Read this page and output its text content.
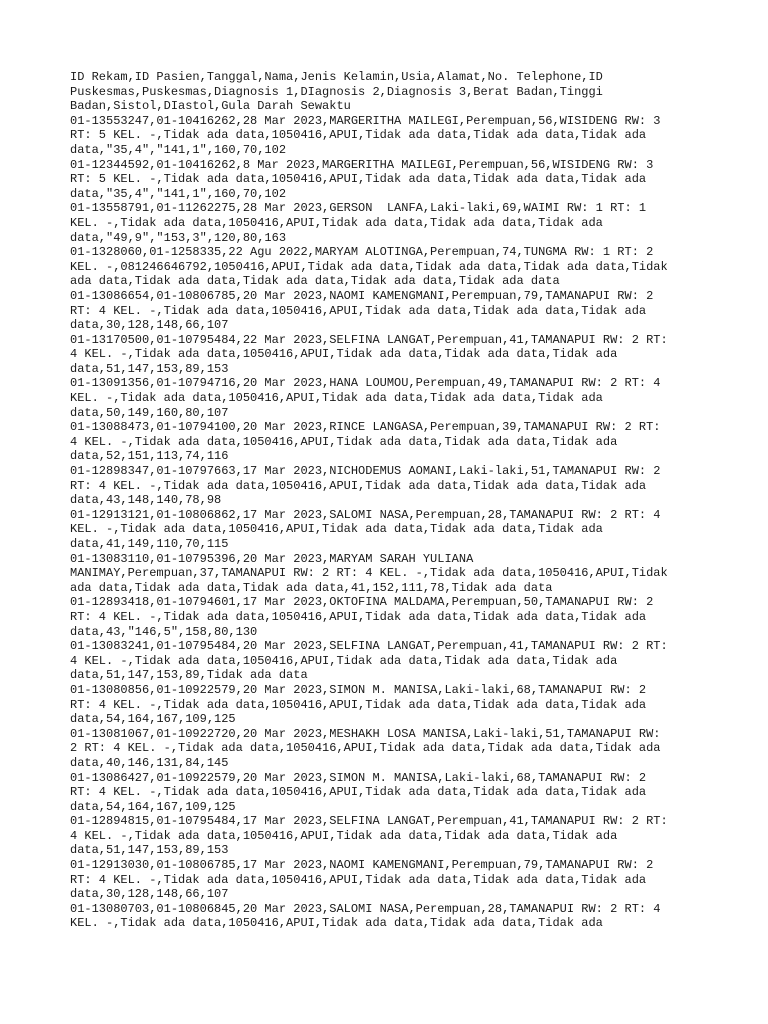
ID Rekam,ID Pasien,Tanggal,Nama,Jenis Kelamin,Usia,Alamat,No. Telephone,ID
Puskesmas,Puskesmas,Diagnosis 1,DIagnosis 2,Diagnosis 3,Berat Badan,Tinggi
Badan,Sistol,DIastol,Gula Darah Sewaktu
01-13553247,01-10416262,28 Mar 2023,MARGERITHA MAILEGI,Perempuan,56,WISIDENG RW: 3
RT: 5 KEL. -,Tidak ada data,1050416,APUI,Tidak ada data,Tidak ada data,Tidak ada
data,"35,4","141,1",160,70,102
01-12344592,01-10416262,8 Mar 2023,MARGERITHA MAILEGI,Perempuan,56,WISIDENG RW: 3
RT: 5 KEL. -,Tidak ada data,1050416,APUI,Tidak ada data,Tidak ada data,Tidak ada
data,"35,4","141,1",160,70,102
01-13558791,01-11262275,28 Mar 2023,GERSON  LANFA,Laki-laki,69,WAIMI RW: 1 RT: 1
KEL. -,Tidak ada data,1050416,APUI,Tidak ada data,Tidak ada data,Tidak ada
data,"49,9","153,3",120,80,163
01-1328060,01-1258335,22 Agu 2022,MARYAM ALOTINGA,Perempuan,74,TUNGMA RW: 1 RT: 2
KEL. -,081246646792,1050416,APUI,Tidak ada data,Tidak ada data,Tidak ada data,Tidak
ada data,Tidak ada data,Tidak ada data,Tidak ada data,Tidak ada data
01-13086654,01-10806785,20 Mar 2023,NAOMI KAMENGMANI,Perempuan,79,TAMANAPUI RW: 2
RT: 4 KEL. -,Tidak ada data,1050416,APUI,Tidak ada data,Tidak ada data,Tidak ada
data,30,128,148,66,107
01-13170500,01-10795484,22 Mar 2023,SELFINA LANGAT,Perempuan,41,TAMANAPUI RW: 2 RT:
4 KEL. -,Tidak ada data,1050416,APUI,Tidak ada data,Tidak ada data,Tidak ada
data,51,147,153,89,153
01-13091356,01-10794716,20 Mar 2023,HANA LOUMOU,Perempuan,49,TAMANAPUI RW: 2 RT: 4
KEL. -,Tidak ada data,1050416,APUI,Tidak ada data,Tidak ada data,Tidak ada
data,50,149,160,80,107
01-13088473,01-10794100,20 Mar 2023,RINCE LANGASA,Perempuan,39,TAMANAPUI RW: 2 RT:
4 KEL. -,Tidak ada data,1050416,APUI,Tidak ada data,Tidak ada data,Tidak ada
data,52,151,113,74,116
01-12898347,01-10797663,17 Mar 2023,NICHODEMUS AOMANI,Laki-laki,51,TAMANAPUI RW: 2
RT: 4 KEL. -,Tidak ada data,1050416,APUI,Tidak ada data,Tidak ada data,Tidak ada
data,43,148,140,78,98
01-12913121,01-10806862,17 Mar 2023,SALOMI NASA,Perempuan,28,TAMANAPUI RW: 2 RT: 4
KEL. -,Tidak ada data,1050416,APUI,Tidak ada data,Tidak ada data,Tidak ada
data,41,149,110,70,115
01-13083110,01-10795396,20 Mar 2023,MARYAM SARAH YULIANA
MANIMAY,Perempuan,37,TAMANAPUI RW: 2 RT: 4 KEL. -,Tidak ada data,1050416,APUI,Tidak
ada data,Tidak ada data,Tidak ada data,41,152,111,78,Tidak ada data
01-12893418,01-10794601,17 Mar 2023,OKTOFINA MALDAMA,Perempuan,50,TAMANAPUI RW: 2
RT: 4 KEL. -,Tidak ada data,1050416,APUI,Tidak ada data,Tidak ada data,Tidak ada
data,43,"146,5",158,80,130
01-13083241,01-10795484,20 Mar 2023,SELFINA LANGAT,Perempuan,41,TAMANAPUI RW: 2 RT:
4 KEL. -,Tidak ada data,1050416,APUI,Tidak ada data,Tidak ada data,Tidak ada
data,51,147,153,89,Tidak ada data
01-13080856,01-10922579,20 Mar 2023,SIMON M. MANISA,Laki-laki,68,TAMANAPUI RW: 2
RT: 4 KEL. -,Tidak ada data,1050416,APUI,Tidak ada data,Tidak ada data,Tidak ada
data,54,164,167,109,125
01-13081067,01-10922720,20 Mar 2023,MESHAKH LOSA MANISA,Laki-laki,51,TAMANAPUI RW:
2 RT: 4 KEL. -,Tidak ada data,1050416,APUI,Tidak ada data,Tidak ada data,Tidak ada
data,40,146,131,84,145
01-13086427,01-10922579,20 Mar 2023,SIMON M. MANISA,Laki-laki,68,TAMANAPUI RW: 2
RT: 4 KEL. -,Tidak ada data,1050416,APUI,Tidak ada data,Tidak ada data,Tidak ada
data,54,164,167,109,125
01-12894815,01-10795484,17 Mar 2023,SELFINA LANGAT,Perempuan,41,TAMANAPUI RW: 2 RT:
4 KEL. -,Tidak ada data,1050416,APUI,Tidak ada data,Tidak ada data,Tidak ada
data,51,147,153,89,153
01-12913030,01-10806785,17 Mar 2023,NAOMI KAMENGMANI,Perempuan,79,TAMANAPUI RW: 2
RT: 4 KEL. -,Tidak ada data,1050416,APUI,Tidak ada data,Tidak ada data,Tidak ada
data,30,128,148,66,107
01-13080703,01-10806845,20 Mar 2023,SALOMI NASA,Perempuan,28,TAMANAPUI RW: 2 RT: 4
KEL. -,Tidak ada data,1050416,APUI,Tidak ada data,Tidak ada data,Tidak ada
